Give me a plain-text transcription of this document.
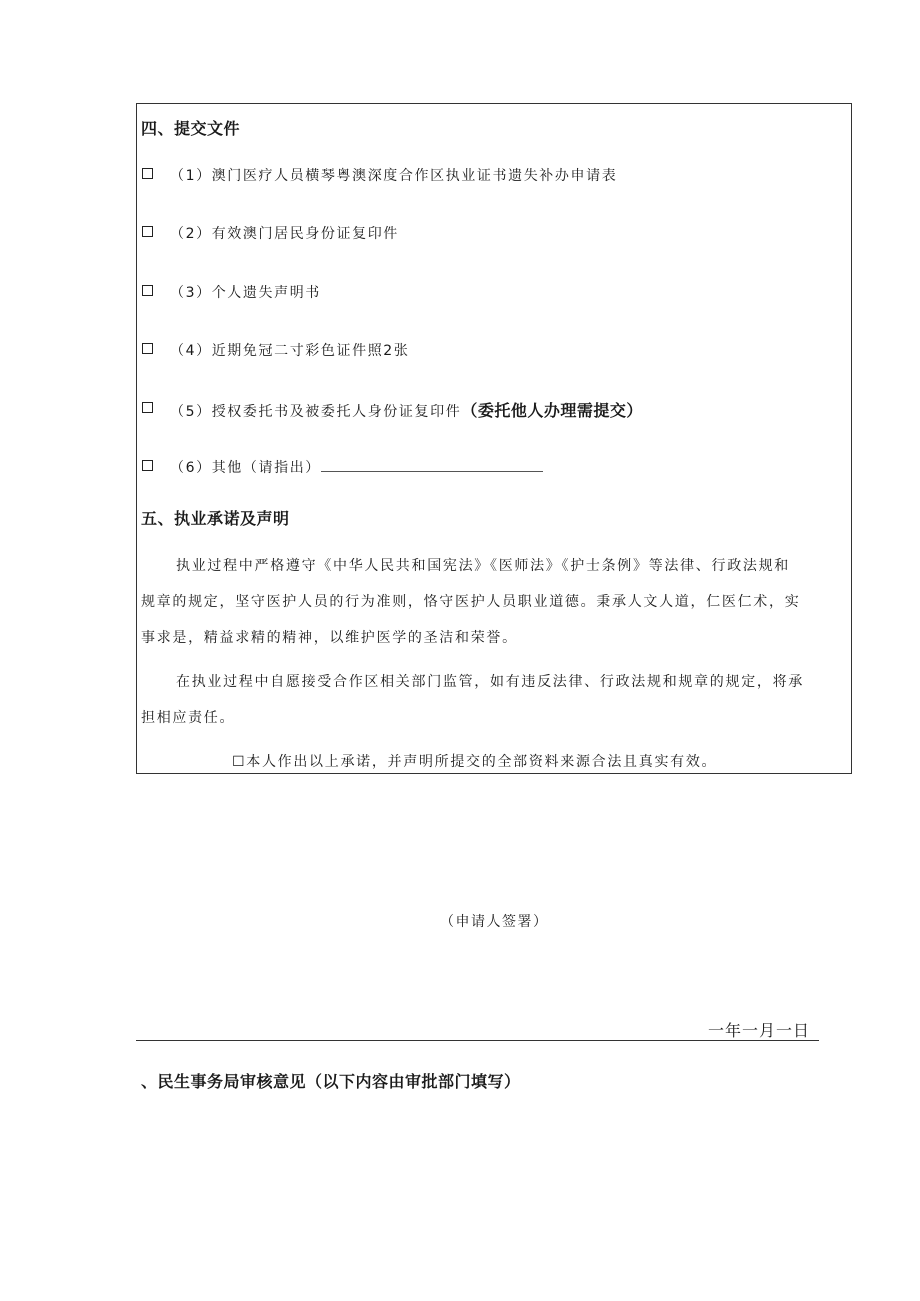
四、提交文件
（1）澳门医疗人员横琴粤澳深度合作区执业证书遗失补办申请表
（2）有效澳门居民身份证复印件
（3）个人遗失声明书
（4）近期免冠二寸彩色证件照2张
（5）授权委托书及被委托人身份证复印件（委托他人办理需提交）
（6）其他（请指出）
五、执业承诺及声明
执业过程中严格遵守《中华人民共和国宪法》《医师法》《护士条例》等法律、行政法规和
规章的规定，坚守医护人员的行为准则，恪守医护人员职业道德。秉承人文人道，仁医仁术，实
事求是，精益求精的精神，以维护医学的圣洁和荣誉。
在执业过程中自愿接受合作区相关部门监管，如有违反法律、行政法规和规章的规定，将承
担相应责任。
☐本人作出以上承诺，并声明所提交的全部资料来源合法且真实有效。
（申请人签署）
一年一月一日
、民生事务局审核意见（以下内容由审批部门填写）
